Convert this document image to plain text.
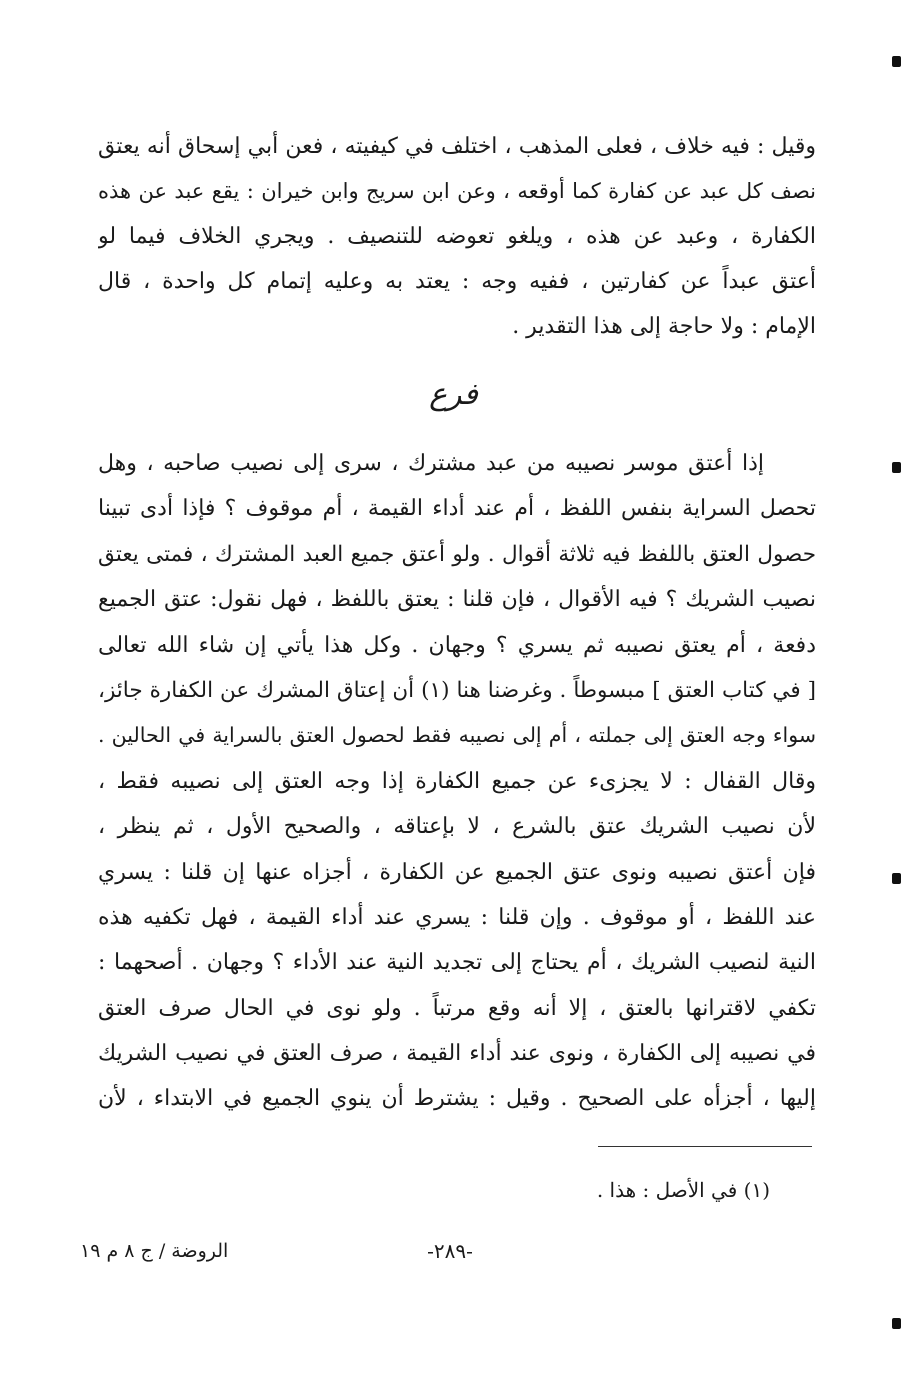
وقيل : فيه خلاف ، فعلى المذهب ، اختلف في كيفيته ، فعن أبي إسحاق أنه يعتق
نصف كل عبد عن كفارة كما أوقعه ، وعن ابن سريج وابن خيران : يقع عبد عن هذه
الكفارة ، وعبد عن هذه ، ويلغو تعوضه للتنصيف . ويجري الخلاف فيما لو
أعتق عبداً عن كفارتين ، ففيه وجه : يعتد به وعليه إتمام كل واحدة ، قال
الإمام : ولا حاجة إلى هذا التقدير .
فرع
إذا أعتق موسر نصيبه من عبد مشترك ، سرى إلى نصيب صاحبه ، وهل
تحصل السراية بنفس اللفظ ، أم عند أداء القيمة ، أم موقوف ؟ فإذا أدى تبينا
حصول العتق باللفظ فيه ثلاثة أقوال . ولو أعتق جميع العبد المشترك ، فمتى يعتق
نصيب الشريك ؟ فيه الأقوال ، فإن قلنا : يعتق باللفظ ، فهل نقول: عتق الجميع
دفعة ، أم يعتق نصيبه ثم يسري ؟ وجهان . وكل هذا يأتي إن شاء الله تعالى
[ في كتاب العتق ] مبسوطاً . وغرضنا هنا (١) أن إعتاق المشرك عن الكفارة جائز،
سواء وجه العتق إلى جملته ، أم إلى نصيبه فقط لحصول العتق بالسراية في الحالين .
وقال القفال : لا يجزىء عن جميع الكفارة إذا وجه العتق إلى نصيبه فقط ،
لأن نصيب الشريك عتق بالشرع ، لا بإعتاقه ، والصحيح الأول ، ثم ينظر ،
فإن أعتق نصيبه ونوى عتق الجميع عن الكفارة ، أجزاه عنها إن قلنا : يسري
عند اللفظ ، أو موقوف . وإن قلنا : يسري عند أداء القيمة ، فهل تكفيه هذه
النية لنصيب الشريك ، أم يحتاج إلى تجديد النية عند الأداء ؟ وجهان . أصحهما :
تكفي لاقترانها بالعتق ، إلا أنه وقع مرتباً . ولو نوى في الحال صرف العتق
في نصيبه إلى الكفارة ، ونوى عند أداء القيمة ، صرف العتق في نصيب الشريك
إليها ، أجزأه على الصحيح . وقيل : يشترط أن ينوي الجميع في الابتداء ، لأن
(١) في الأصل : هذا .
-٢٨٩-
الروضة / ج ٨ م ١٩
